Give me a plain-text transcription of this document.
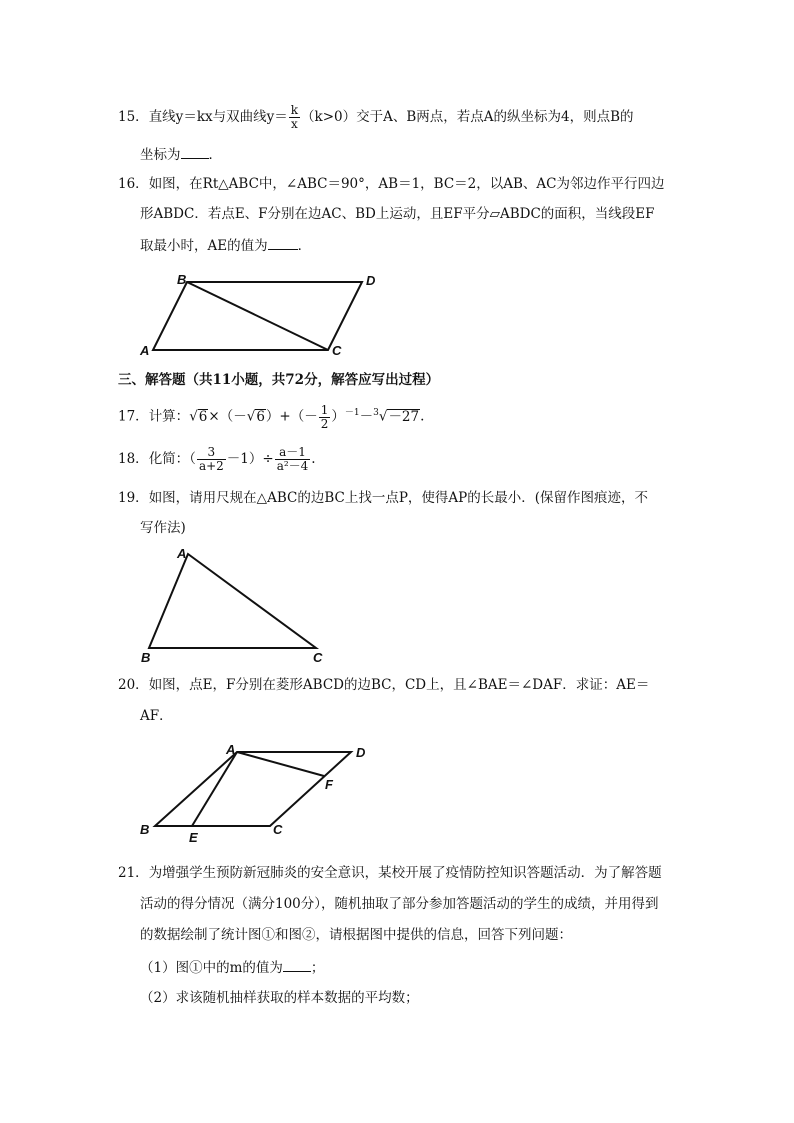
15．直线y＝kx与双曲线$y= \frac{k}{x} (k>0)$交于A、B两点，若点A的纵坐标为4，则点B的
坐标为 ．
16．如图，在Rt△ABC中，∠ABC＝90°，AB＝1，BC＝2，以AB、AC为邻边作平行四边
形ABDC．若点E、F分别在边AC、BD上运动，且EF平分▱ABDC的面积，当线段EF
取最小时，AE的值为 ．
B	D
A	C
三、解答题（共11小题，共72分，解答应写出过程）
17．计算：$√6\times(-√6)+(- \frac{1}{2} )^{-1}-^3√-27$.
18．化简：（ $\frac{3}{a+2} -1)\div \frac{a-1}{\text{a²－4}}$ .
19．如图，请用尺规在△ABC的边BC上找一点P，使得AP的长最小．(保留作图痕迹，不
写作法)
A
B	C
20．如图，点E，F分别在菱形ABCD的边BC，CD上，且∠BAE＝∠DAF．求证：AE＝
AF．
A	D
F
B
E
C
21．为增强学生预防新冠肺炎的安全意识，某校开展了疫情防控知识答题活动．为了解答题
活动的得分情况（满分100分），随机抽取了部分参加答题活动的学生的成绩，并用得到
的数据绘制了统计图①和图②，请根据图中提供的信息，回答下列问题：
（1）图①中的m的值为 ；
（2）求该随机抽样获取的样本数据的平均数；
